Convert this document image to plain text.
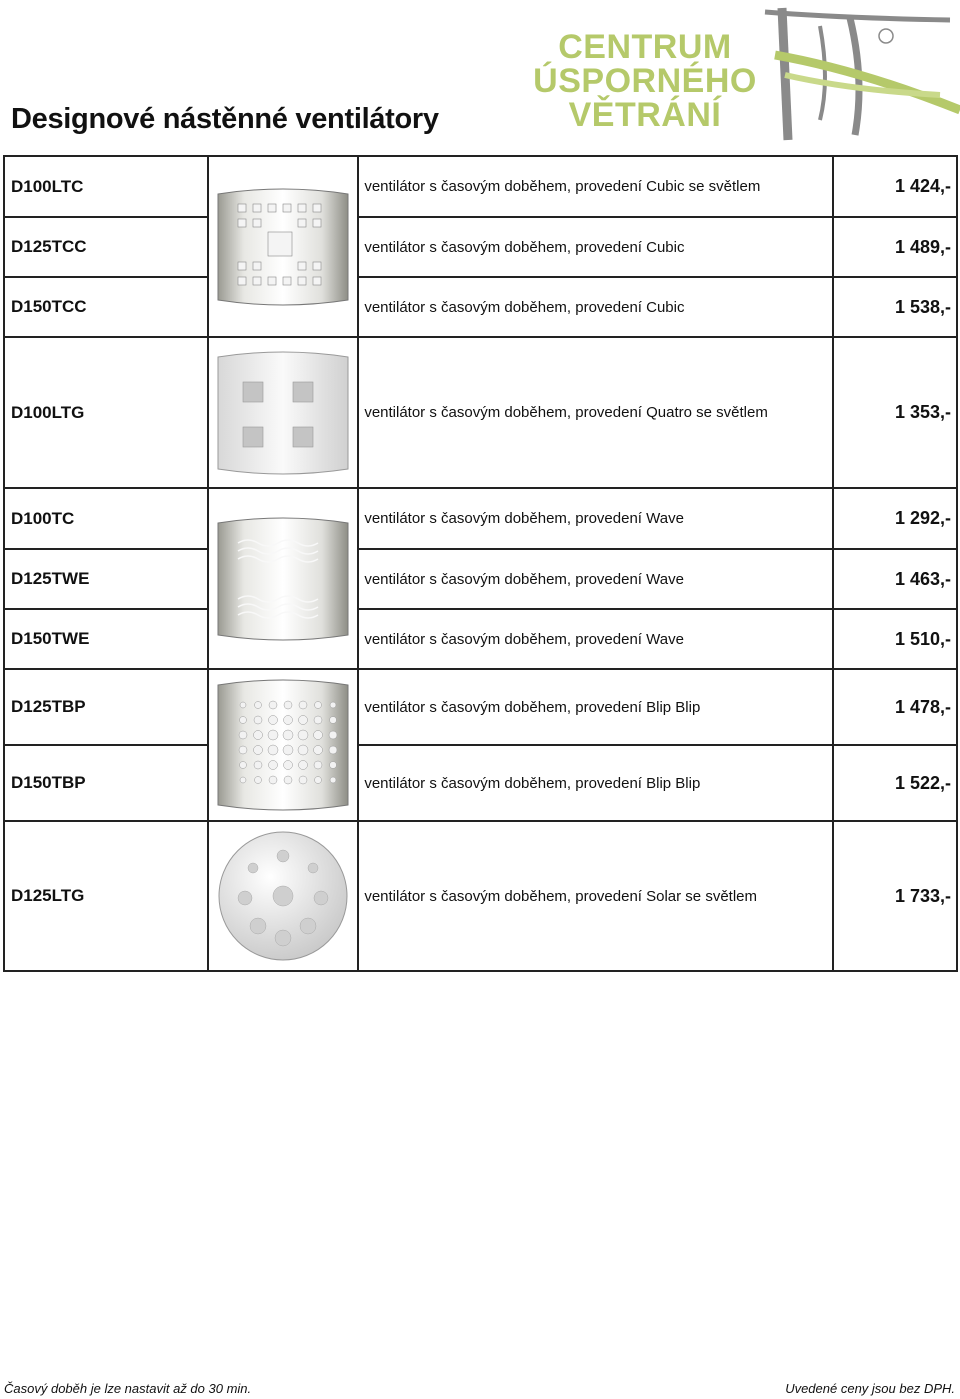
Designové nástěnné ventilátory
CENTRUM
ÚSPORNÉHO
VĚTRÁNÍ
D100LTC		ventilátor s časovým doběhem, provedení Cubic se světlem	1 424,-
D125TCC		ventilátor s časovým doběhem, provedení Cubic	1 489,-
D150TCC		ventilátor s časovým doběhem, provedení Cubic	1 538,-
D100LTG		ventilátor s časovým doběhem, provedení Quatro se světlem	1 353,-
D100TC		ventilátor s časovým doběhem, provedení Wave	1 292,-
D125TWE		ventilátor s časovým doběhem, provedení Wave	1 463,-
D150TWE		ventilátor s časovým doběhem, provedení Wave	1 510,-
D125TBP		ventilátor s časovým doběhem, provedení Blip Blip	1 478,-
D150TBP		ventilátor s časovým doběhem, provedení Blip Blip	1 522,-
D125LTG		ventilátor s časovým doběhem, provedení Solar se světlem	1 733,-
Časový doběh je lze nastavit až do 30 min.	Uvedené ceny jsou bez DPH.
